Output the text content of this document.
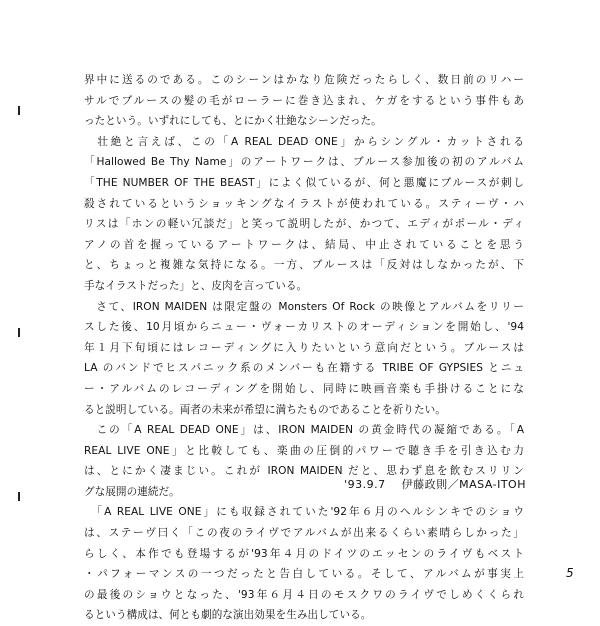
界中に送るのである。このシーンはかなり危険だったらしく、数日前のリハー
サルでブルースの髪の毛がローラーに巻き込まれ、ケガをするという事件もあ
ったという。いずれにしても、とにかく壮絶なシーンだった。
　壮絶と言えば、この「A REAL DEAD ONE」からシングル・カットされる
「Hallowed Be Thy Name」のアートワークは、ブルース参加後の初のアルバム
「THE NUMBER OF THE BEAST」によく似ているが、何と悪魔にブルースが刺し
殺されているというショッキングなイラストが使われている。スティーヴ・ハ
リスは「ホンの軽い冗談だ」と笑って説明したが、かつて、エディがポール・ディ
アノの首を握っているアートワークは、結局、中止されていることを思う
と、ちょっと複雑な気持になる。一方、ブルースは「反対はしなかったが、下
手なイラストだった」と、皮肉を言っている。
　さて、IRON MAIDEN は限定盤の Monsters Of Rock の映像とアルバムをリリー
スした後、10月頃からニュー・ヴォーカリストのオーディションを開始し、'94
年１月下旬頃にはレコーディングに入りたいという意向だという。ブルースは
LA のバンドでヒスパニック系のメンバーも在籍する TRIBE OF GYPSIES とニュ
ー・アルバムのレコーディングを開始し、同時に映画音楽も手掛けることにな
ると説明している。両者の未来が希望に満ちたものであることを祈りたい。
　この「A REAL DEAD ONE」は、IRON MAIDEN の黄金時代の凝縮である。「A
REAL LIVE ONE」と比較しても、楽曲の圧倒的パワーで聴き手を引き込む力
は、とにかく凄まじい。これが IRON MAIDEN だと、思わず息を飲むスリリン
グな展開の連続だ。
　「A REAL LIVE ONE」にも収録されていた'92年６月のヘルシンキでのショウ
は、ステーヴ曰く「この夜のライヴでアルバムが出来るくらい素晴らしかった」
らしく、本作でも登場するが'93年４月のドイツのエッセンのライヴもベスト
・パフォーマンスの一つだったと告白している。そして、アルバムが事実上
の最後のショウとなった、'93年６月４日のモスクワのライヴでしめくくられ
るという構成は、何とも劇的な演出効果を生み出している。
'93.9.7 伊藤政則／MASA-ITOH
5
